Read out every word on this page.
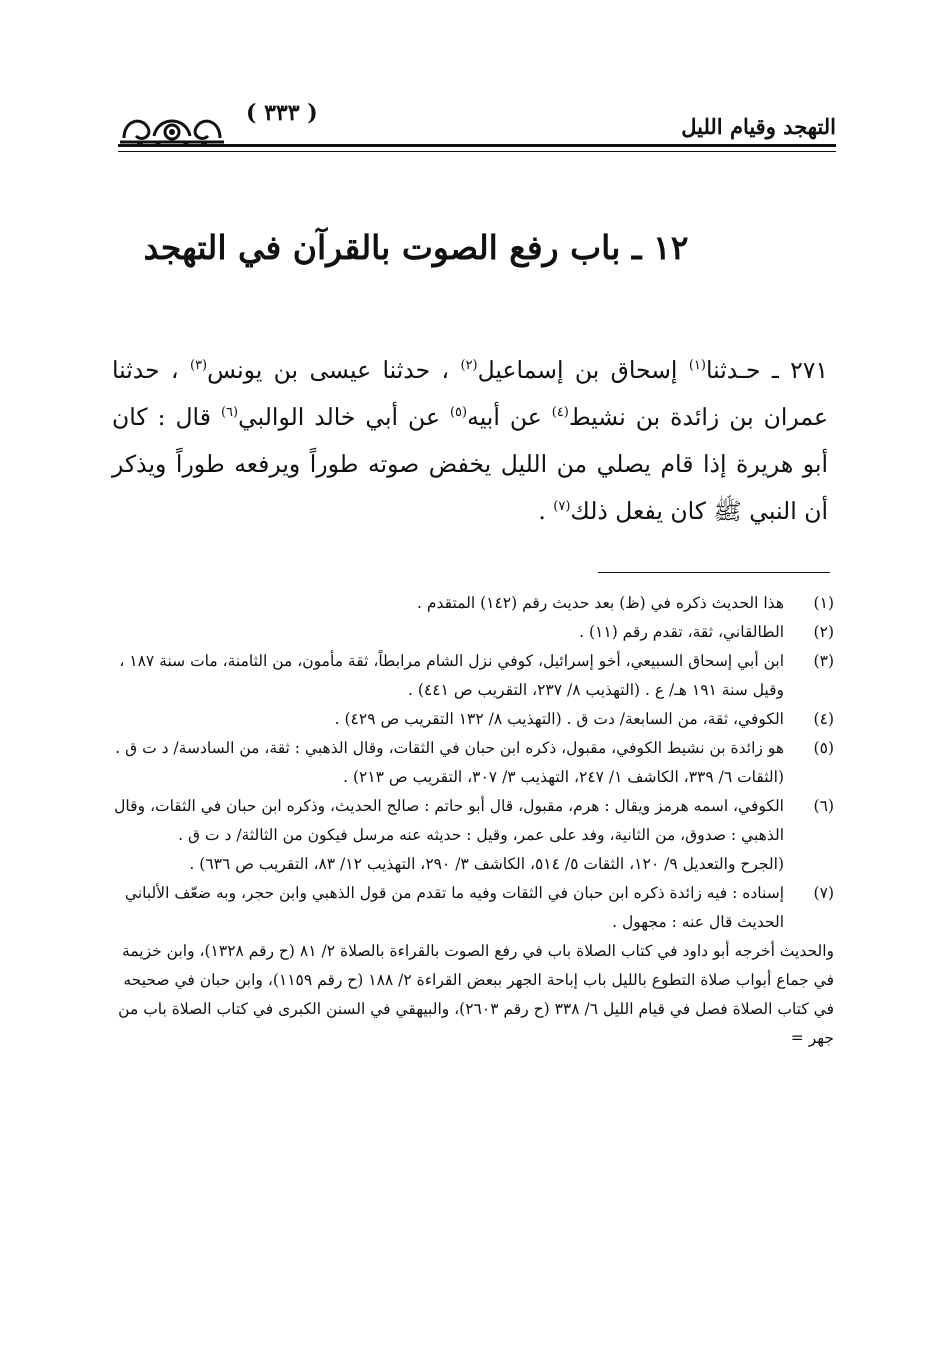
( ٣٣٣ )
التهجد وقيام الليل
١٢ ـ باب رفع الصوت بالقرآن في التهجد
٢٧١ ـ حـدثنا$^{(١)}$ إسحاق بن إسماعيل$^{(٢)}$ ، حدثنا عيسى بن يونس$^{(٣)}$ ، حدثنا عمران بن زائدة بن نشيط$^{(٤)}$ عن أبيه$^{(٥)}$ عن أبي خالد الوالبي$^{(٦)}$ قال : كان أبو هريرة إذا قام يصلي من الليل يخفض صوته طوراً ويرفعه طوراً ويذكر أن النبي ﷺ كان يفعل ذلك$^{(٧)}$ .
(١)

هذا الحديث ذكره في (ظ) بعد حديث رقم (١٤٢) المتقدم .

(٢)

الطالقاني، ثقة، تقدم رقم (١١) .

(٣)

ابن أبي إسحاق السبيعي، أخو إسرائيل، كوفي نزل الشام مرابطاً، ثقة مأمون، من الثامنة، مات سنة ١٨٧ ، وقيل سنة ١٩١ هـ/ ع . (التهذيب ٨/ ٢٣٧، التقريب ص ٤٤١) .

(٤)

الكوفي، ثقة، من السابعة/ دت ق . (التهذيب ٨/ ١٣٢ التقريب ص ٤٢٩) .

(٥)

هو زائدة بن نشيط الكوفي، مقبول، ذكره ابن حبان في الثقات، وقال الذهبي : ثقة، من السادسة/ د ت ق .

(الثقات ٦/ ٣٣٩، الكاشف ١/ ٢٤٧، التهذيب ٣/ ٣٠٧، التقريب ص ٢١٣) .

(٦)

الكوفي، اسمه هرمز ويقال : هرم، مقبول، قال أبو حاتم : صالح الحديث، وذكره ابن حبان في الثقات، وقال الذهبي : صدوق، من الثانية، وفد على عمر، وقيل : حديثه عنه مرسل فيكون من الثالثة/ د ت ق .

(الجرح والتعديل ٩/ ١٢٠، الثقات ٥/ ٥١٤، الكاشف ٣/ ٢٩٠، التهذيب ١٢/ ٨٣، التقريب ص ٦٣٦) .

(٧)

إسناده : فيه زائدة ذكره ابن حبان في الثقات وفيه ما تقدم من قول الذهبي وابن حجر، وبه ضعّف الألباني الحديث قال عنه : مجهول .

والحديث أخرجه أبو داود في كتاب الصلاة باب في رفع الصوت بالقراءة بالصلاة ٢/ ٨١ (ح رقم ١٣٢٨)، وابن خزيمة في جماع أبواب صلاة التطوع بالليل باب إباحة الجهر ببعض القراءة ٢/ ١٨٨ (ح رقم ١١٥٩)، وابن حبان في صحيحه في كتاب الصلاة فصل في قيام الليل ٦/ ٣٣٨ (ح رقم ٢٦٠٣)، والبيهقي في السنن الكبرى في كتاب الصلاة باب من جهر =
